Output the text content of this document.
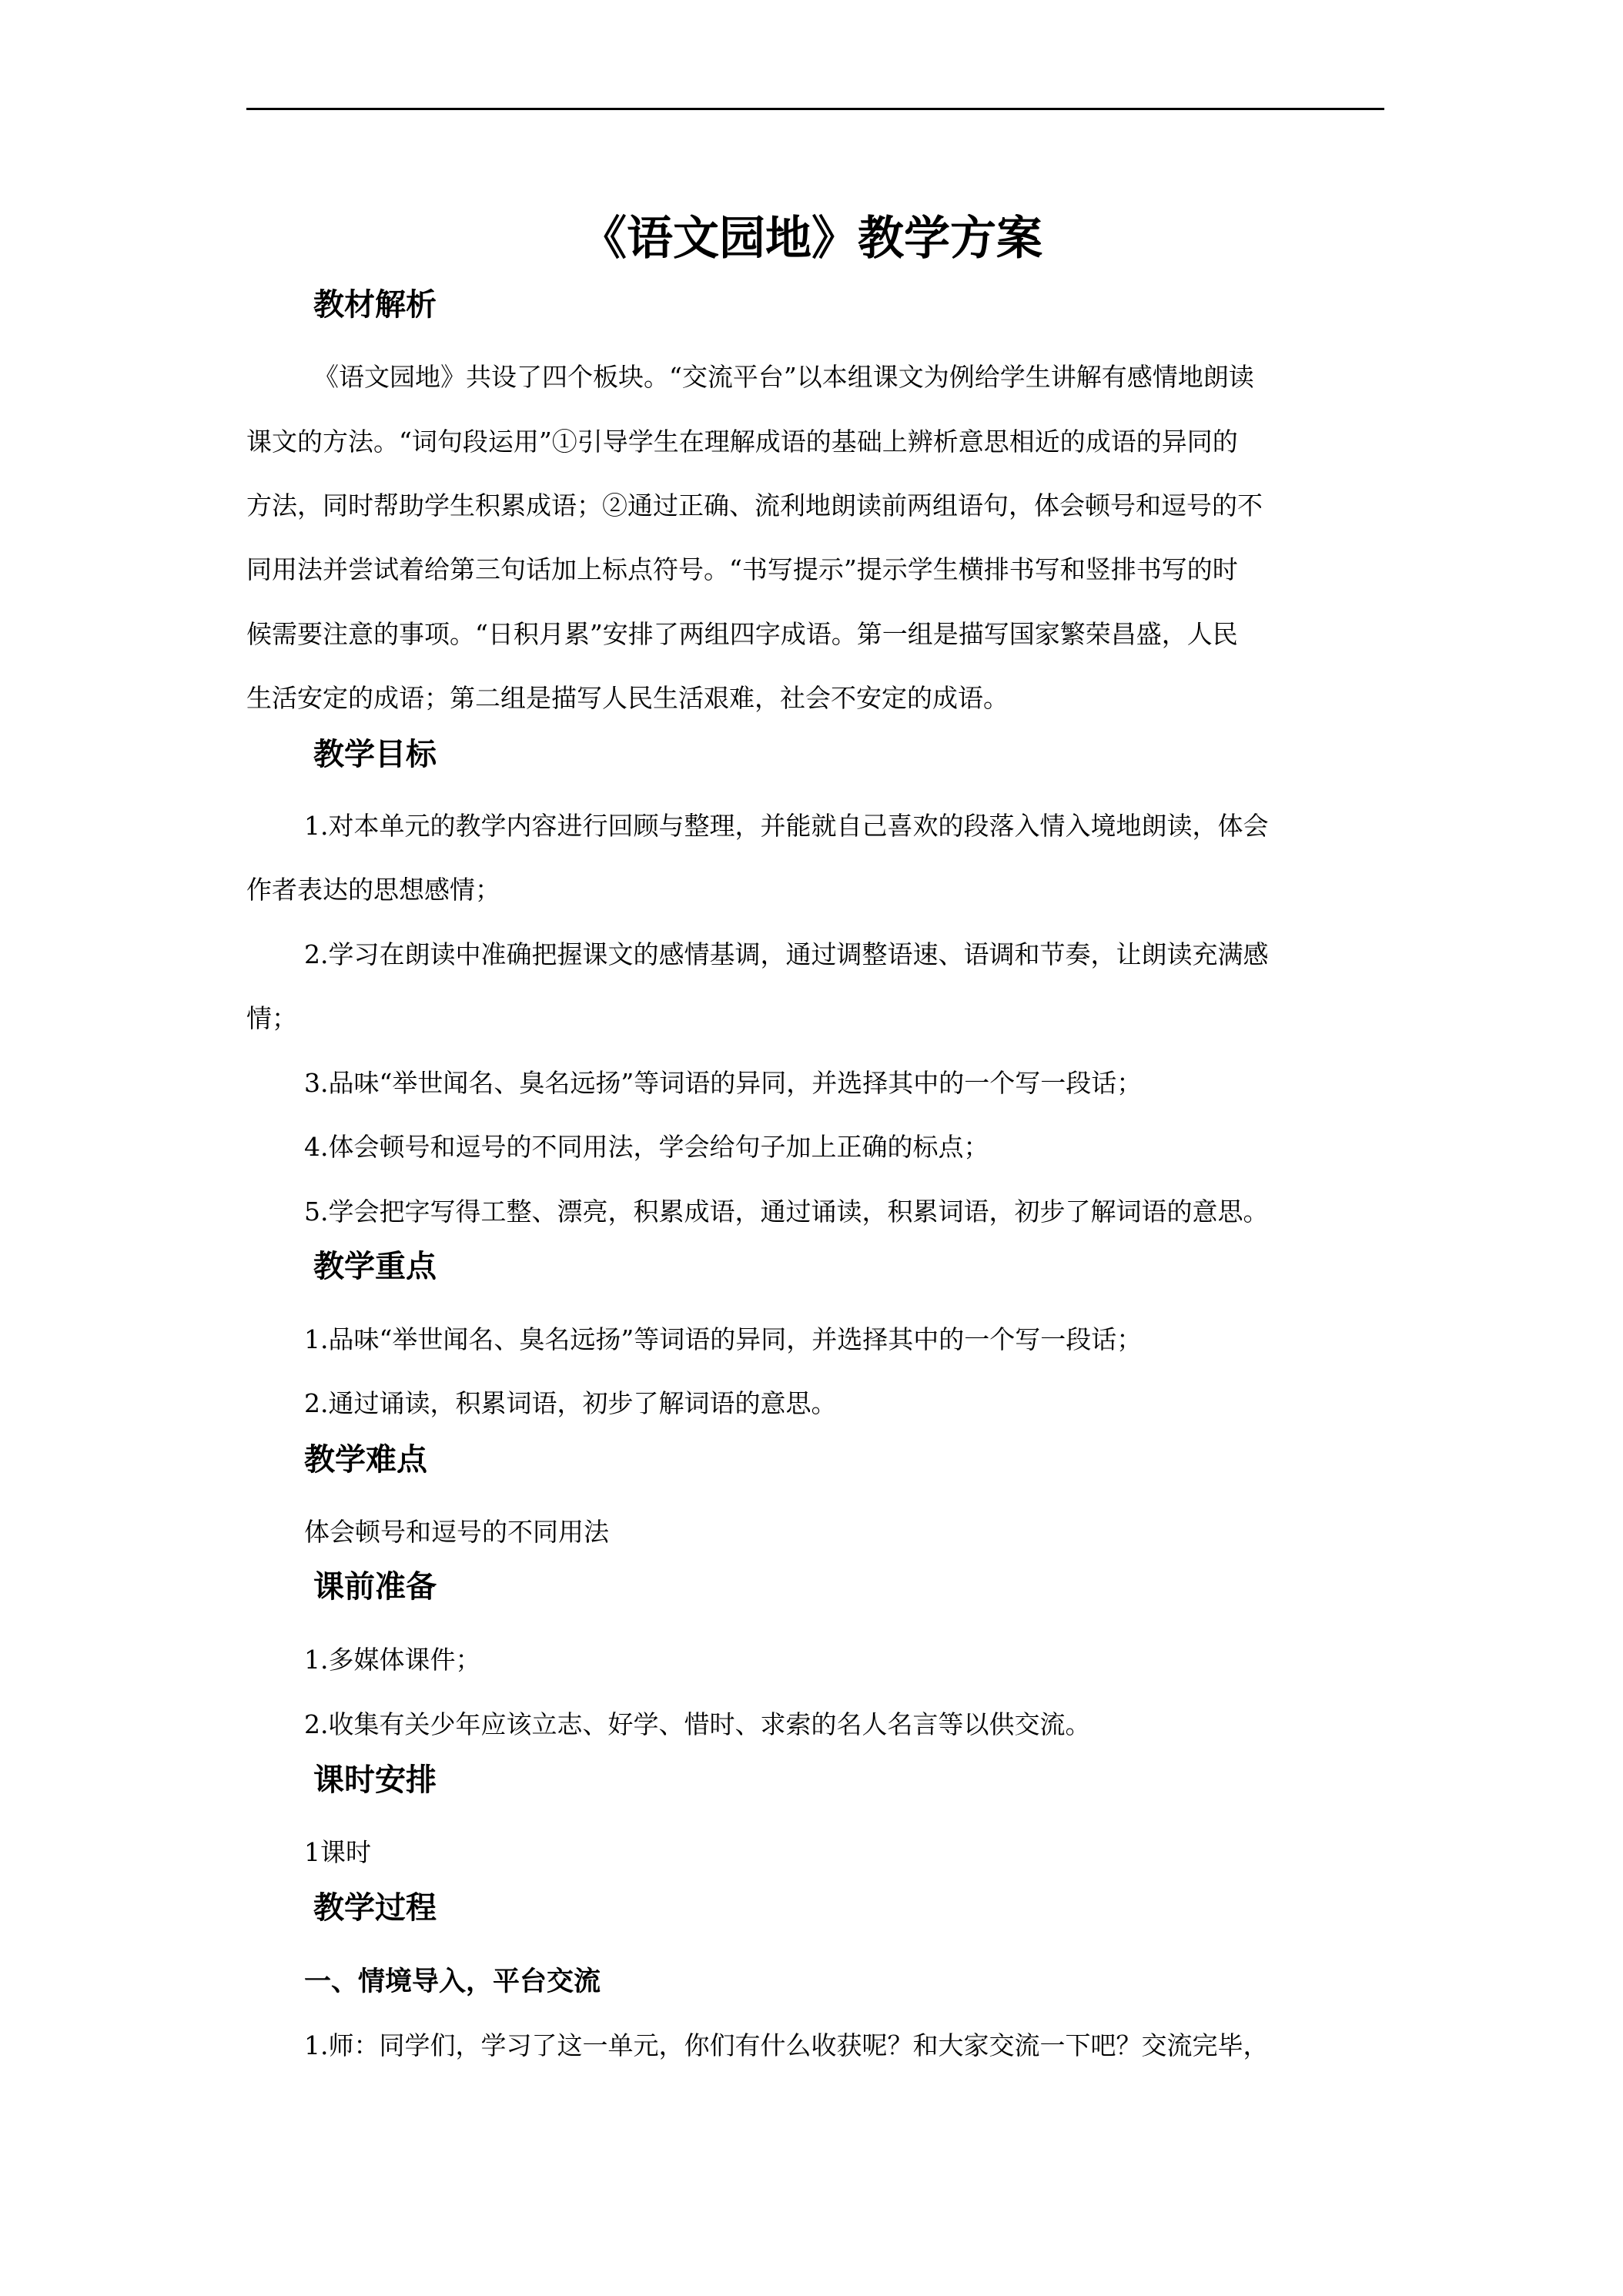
《语文园地》教学方案
教材解析
《语文园地》共设了四个板块。“交流平台”以本组课文为例给学生讲解有感情地朗读
课文的方法。“词句段运用”①引导学生在理解成语的基础上辨析意思相近的成语的异同的
方法，同时帮助学生积累成语；②通过正确、流利地朗读前两组语句，体会顿号和逗号的不
同用法并尝试着给第三句话加上标点符号。“书写提示”提示学生横排书写和竖排书写的时
候需要注意的事项。“日积月累”安排了两组四字成语。第一组是描写国家繁荣昌盛，人民
生活安定的成语；第二组是描写人民生活艰难，社会不安定的成语。
教学目标
1.对本单元的教学内容进行回顾与整理，并能就自己喜欢的段落入情入境地朗读，体会
作者表达的思想感情；
2.学习在朗读中准确把握课文的感情基调，通过调整语速、语调和节奏，让朗读充满感
情；
3.品味“举世闻名、臭名远扬”等词语的异同，并选择其中的一个写一段话；
4.体会顿号和逗号的不同用法，学会给句子加上正确的标点；
5.学会把字写得工整、漂亮，积累成语，通过诵读，积累词语，初步了解词语的意思。
教学重点
1.品味“举世闻名、臭名远扬”等词语的异同，并选择其中的一个写一段话；
2.通过诵读，积累词语，初步了解词语的意思。
教学难点
体会顿号和逗号的不同用法
课前准备
1.多媒体课件；
2.收集有关少年应该立志、好学、惜时、求索的名人名言等以供交流。
课时安排
1课时
教学过程
一、情境导入，平台交流
1.师：同学们，学习了这一单元，你们有什么收获呢？和大家交流一下吧？交流完毕，
